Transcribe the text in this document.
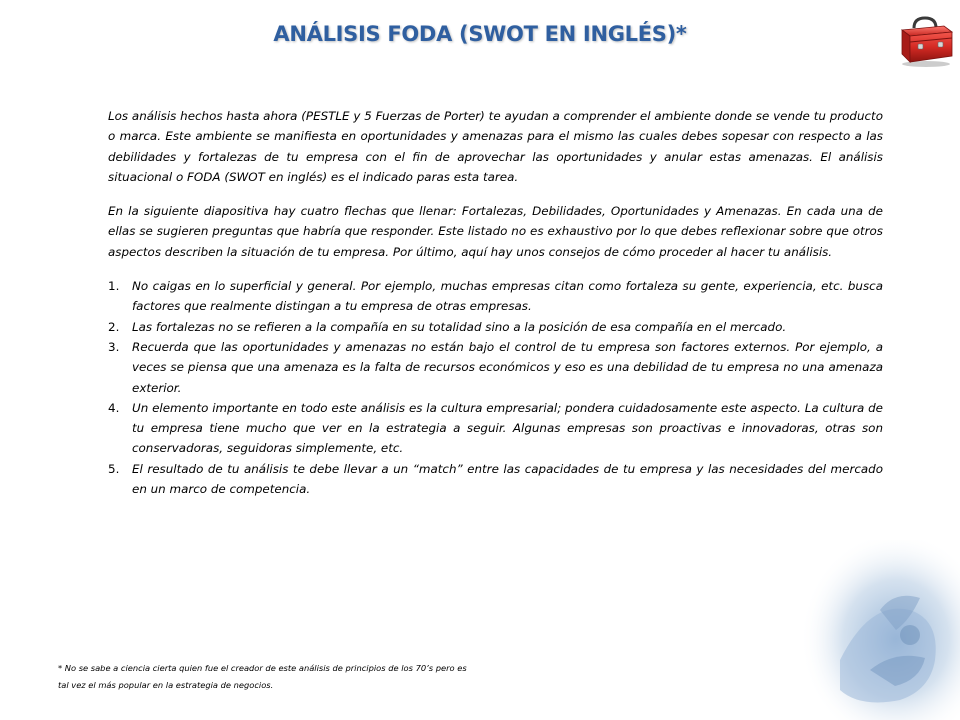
ANÁLISIS FODA (SWOT EN INGLÉS)*

Los análisis hechos hasta ahora (PESTLE y 5 Fuerzas de Porter) te ayudan a comprender el ambiente donde se vende tu producto o marca. Este ambiente se manifiesta en oportunidades y amenazas para el mismo las cuales debes sopesar con respecto a las debilidades y fortalezas de tu empresa con el fin de aprovechar las oportunidades y anular estas amenazas. El análisis situacional o FODA (SWOT en inglés) es el indicado paras esta tarea.

En la siguiente diapositiva hay cuatro flechas que llenar: Fortalezas, Debilidades, Oportunidades y Amenazas. En cada una de ellas se sugieren preguntas que habría que responder. Este listado no es exhaustivo por lo que debes reflexionar sobre que otros aspectos describen la situación de tu empresa. Por último, aquí hay unos consejos de cómo proceder al hacer tu análisis.

1. No caigas en lo superficial y general. Por ejemplo, muchas empresas citan como fortaleza su gente, experiencia, etc. busca factores que realmente distingan a tu empresa de otras empresas.
2. Las fortalezas no se refieren a la compañía en su totalidad sino a la posición de esa compañía en el mercado.
3. Recuerda que las oportunidades y amenazas no están bajo el control de tu empresa son factores externos. Por ejemplo, a veces se piensa que una amenaza es la falta de recursos económicos y eso es una debilidad de tu empresa no una amenaza exterior.
4. Un elemento importante en todo este análisis es la cultura empresarial; pondera cuidadosamente este aspecto. La cultura de tu empresa tiene mucho que ver en la estrategia a seguir. Algunas empresas son proactivas e innovadoras, otras son conservadoras, seguidoras simplemente, etc.
5. El resultado de tu análisis te debe llevar a un “match” entre las capacidades de tu empresa y las necesidades del mercado en un marco de competencia.
* No se sabe a ciencia cierta quien fue el creador de este análisis de principios de los 70’s pero es
tal vez el más popular en la estrategia de negocios.
